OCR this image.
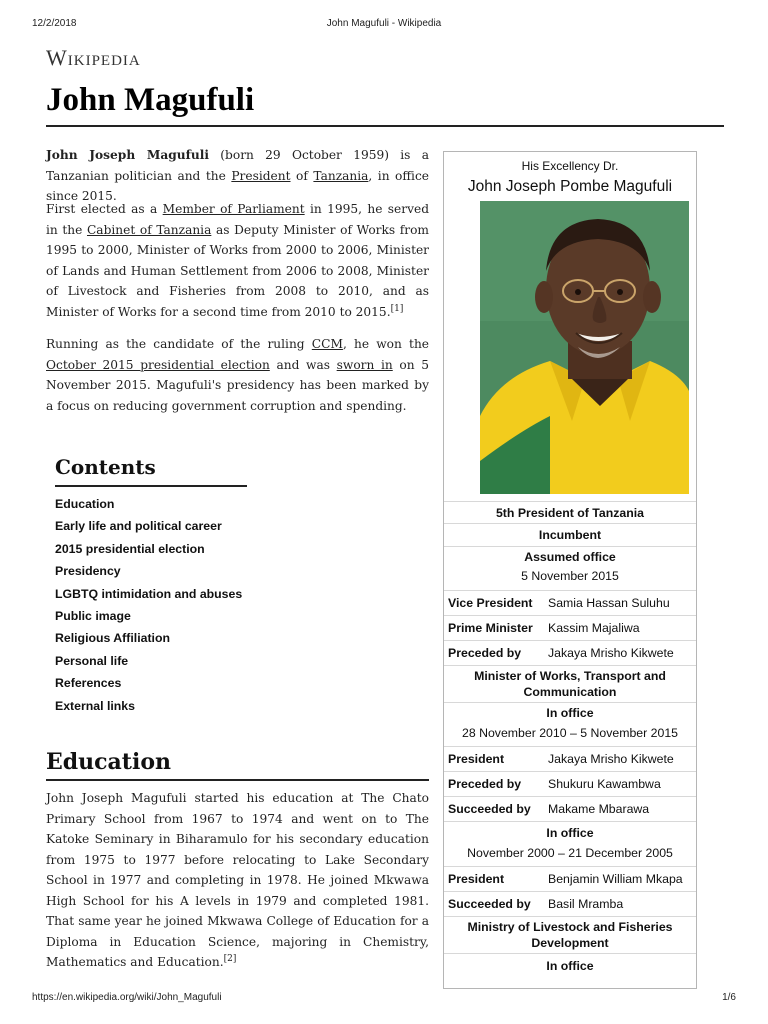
12/2/2018	John Magufuli - Wikipedia
Wikipedia
John Magufuli

John Joseph Magufuli (born 29 October 1959) is a Tanzanian politician and the President of Tanzania, in office since 2015.

First elected as a Member of Parliament in 1995, he served in the Cabinet of Tanzania as Deputy Minister of Works from 1995 to 2000, Minister of Works from 2000 to 2006, Minister of Lands and Human Settlement from 2006 to 2008, Minister of Livestock and Fisheries from 2008 to 2010, and as Minister of Works for a second time from 2010 to 2015.[1]

Running as the candidate of the ruling CCM, he won the October 2015 presidential election and was sworn in on 5 November 2015. Magufuli's presidency has been marked by a focus on reducing government corruption and spending.

Contents
Education
Early life and political career
2015 presidential election
Presidency
LGBTQ intimidation and abuses
Public image
Religious Affiliation
Personal life
References
External links
Education

John Joseph Magufuli started his education at The Chato Primary School from 1967 to 1974 and went on to The Katoke Seminary in Biharamulo for his secondary education from 1975 to 1977 before relocating to Lake Secondary School in 1977 and completing in 1978. He joined Mkwawa High School for his A levels in 1979 and completed 1981. That same year he joined Mkwawa College of Education for a Diploma in Education Science, majoring in Chemistry, Mathematics and Education.[2]

His Excellency Dr.
John Joseph Pombe Magufuli
5th President of Tanzania
Incumbent
Assumed office
5 November 2015
Vice President	Samia Hassan Suluhu
Prime Minister	Kassim Majaliwa
Preceded by	Jakaya Mrisho Kikwete
Minister of Works, Transport and Communication
In office
28 November 2010 – 5 November 2015
President	Jakaya Mrisho Kikwete
Preceded by	Shukuru Kawambwa
Succeeded by	Makame Mbarawa
In office
November 2000 – 21 December 2005
President	Benjamin William Mkapa
Succeeded by	Basil Mramba
Ministry of Livestock and Fisheries Development
In office
https://en.wikipedia.org/wiki/John_Magufuli	1/6
